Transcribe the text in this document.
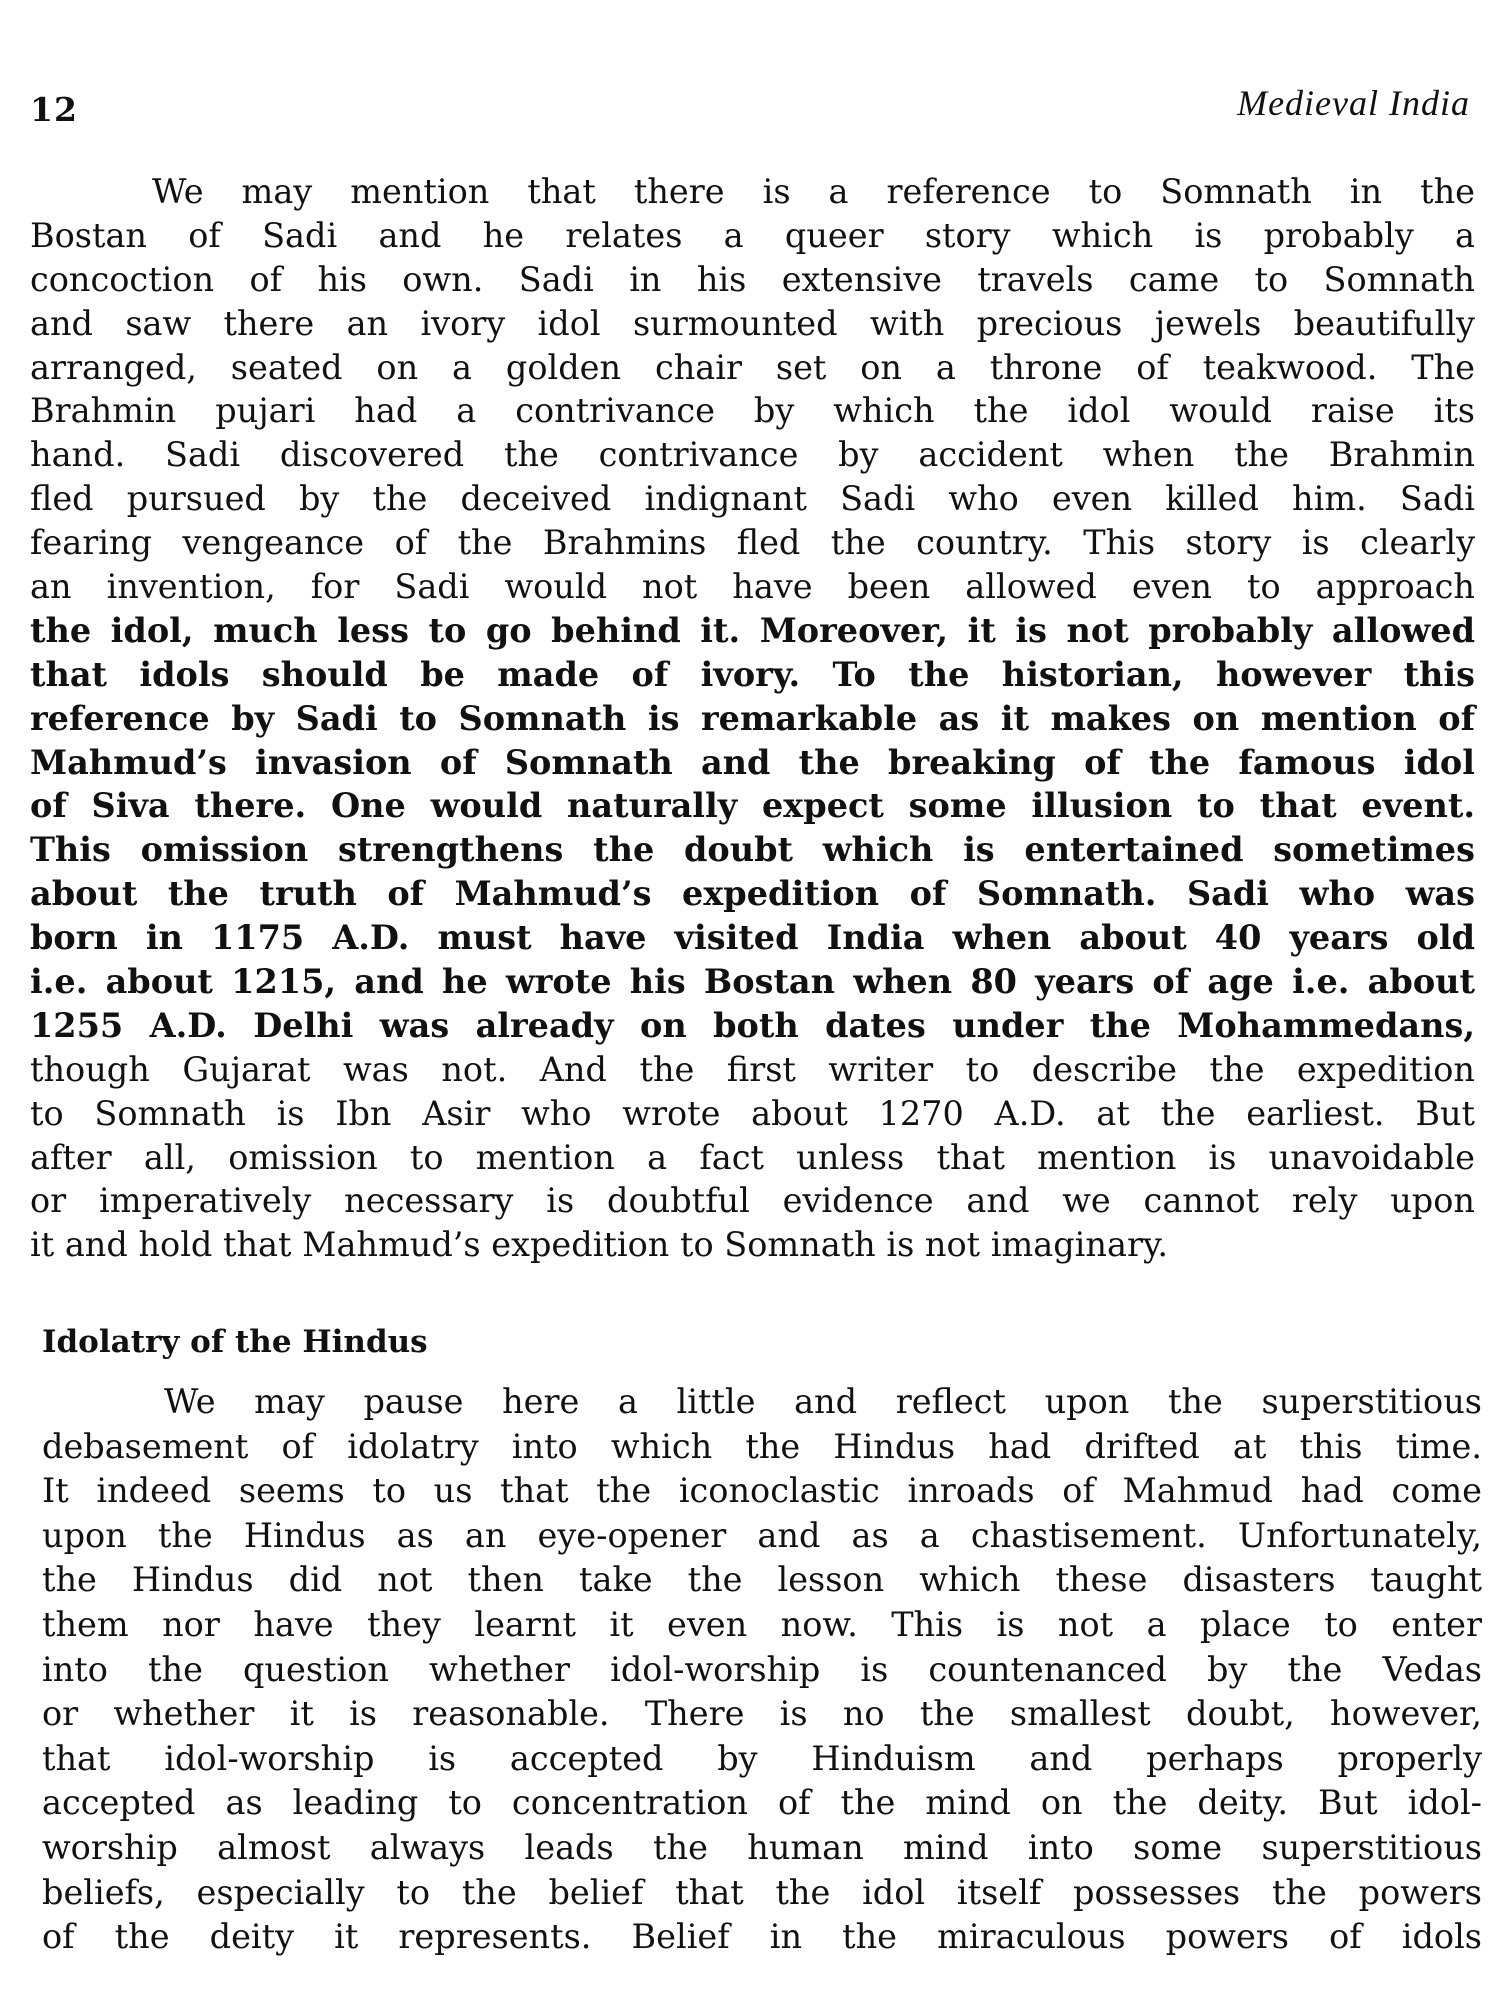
12	Medieval India
We may mention that there is a reference to Somnath in the
Bostan of Sadi and he relates a queer story which is probably a
concoction of his own. Sadi in his extensive travels came to Somnath
and saw there an ivory idol surmounted with precious jewels beautifully
arranged, seated on a golden chair set on a throne of teakwood. The
Brahmin pujari had a contrivance by which the idol would raise its
hand. Sadi discovered the contrivance by accident when the Brahmin
fled pursued by the deceived indignant Sadi who even killed him. Sadi
fearing vengeance of the Brahmins fled the country. This story is clearly
an invention, for Sadi would not have been allowed even to approach
the idol, much less to go behind it. Moreover, it is not probably allowed
that idols should be made of ivory. To the historian, however this
reference by Sadi to Somnath is remarkable as it makes on mention of
Mahmud’s invasion of Somnath and the breaking of the famous idol
of Siva there. One would naturally expect some illusion to that event.
This omission strengthens the doubt which is entertained sometimes
about the truth of Mahmud’s expedition of Somnath. Sadi who was
born in 1175 A.D. must have visited India when about 40 years old
i.e. about 1215, and he wrote his Bostan when 80 years of age i.e. about
1255 A.D. Delhi was already on both dates under the Mohammedans,
though Gujarat was not. And the first writer to describe the expedition
to Somnath is Ibn Asir who wrote about 1270 A.D. at the earliest. But
after all, omission to mention a fact unless that mention is unavoidable
or imperatively necessary is doubtful evidence and we cannot rely upon
it and hold that Mahmud’s expedition to Somnath is not imaginary.
Idolatry of the Hindus
We may pause here a little and reflect upon the superstitious
debasement of idolatry into which the Hindus had drifted at this time.
It indeed seems to us that the iconoclastic inroads of Mahmud had come
upon the Hindus as an eye-opener and as a chastisement. Unfortunately,
the Hindus did not then take the lesson which these disasters taught
them nor have they learnt it even now. This is not a place to enter
into the question whether idol-worship is countenanced by the Vedas
or whether it is reasonable. There is no the smallest doubt, however,
that idol-worship is accepted by Hinduism and perhaps properly
accepted as leading to concentration of the mind on the deity. But idol-
worship almost always leads the human mind into some superstitious
beliefs, especially to the belief that the idol itself possesses the powers
of the deity it represents. Belief in the miraculous powers of idols
